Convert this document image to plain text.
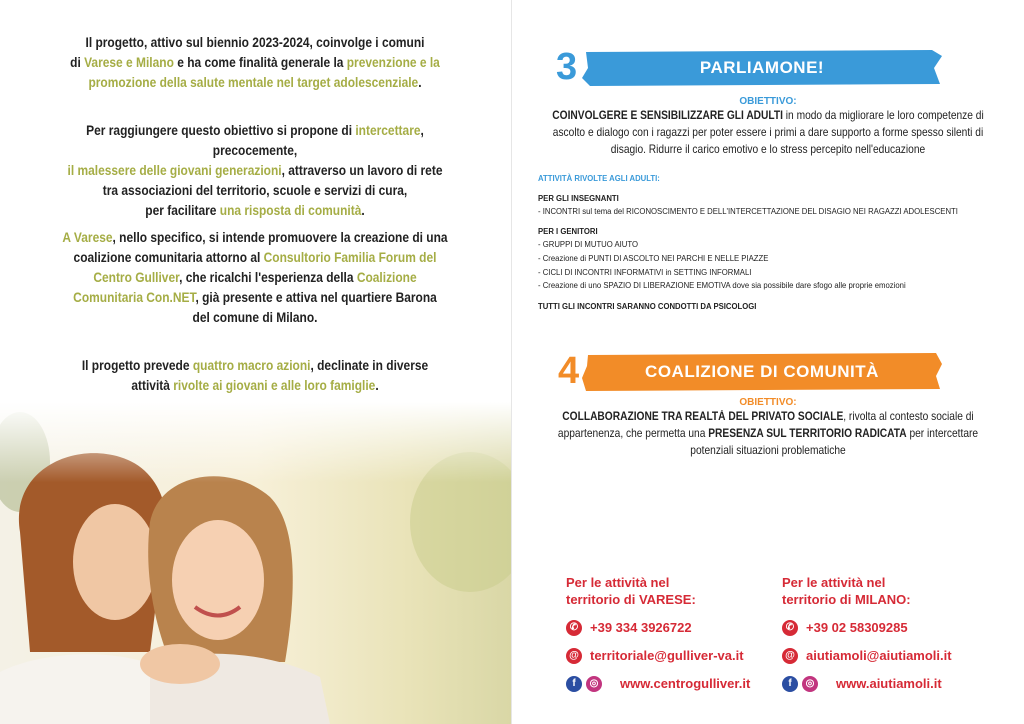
Il progetto, attivo sul biennio 2023-2024, coinvolge i comuni
di Varese e Milano e ha come finalità generale la prevenzione e la
promozione della salute mentale nel target adolescenziale.
Per raggiungere questo obiettivo si propone di intercettare, precocemente,
il malessere delle giovani generazioni, attraverso un lavoro di rete
tra associazioni del territorio, scuole e servizi di cura,
per facilitare una risposta di comunità.
A Varese, nello specifico, si intende promuovere la creazione di una
coalizione comunitaria attorno al Consultorio Familia Forum del
Centro Gulliver, che ricalchi l'esperienza della Coalizione
Comunitaria Con.NET, già presente e attiva nel quartiere Barona
del comune di Milano.
Il progetto prevede quattro macro azioni, declinate in diverse
attività rivolte ai giovani e alle loro famiglie.
3	PARLIAMONE!
OBIETTIVO:
COINVOLGERE E SENSIBILIZZARE GLI ADULTI in modo da migliorare le loro competenze di ascolto e dialogo con i ragazzi per poter essere i primi a dare supporto a forme spesso silenti di disagio. Ridurre il carico emotivo e lo stress percepito nell'educazione
ATTIVITÀ RIVOLTE AGLI ADULTI:
PER GLI INSEGNANTI
- INCONTRI sul tema del RICONOSCIMENTO E DELL'INTERCETTAZIONE DEL DISAGIO NEI RAGAZZI ADOLESCENTI
PER I GENITORI
- GRUPPI DI MUTUO AIUTO
- Creazione di PUNTI DI ASCOLTO NEI PARCHI E NELLE PIAZZE
- CICLI DI INCONTRI INFORMATIVI in SETTING INFORMALI
- Creazione di uno SPAZIO DI LIBERAZIONE EMOTIVA dove sia possibile dare sfogo alle proprie emozioni
TUTTI GLI INCONTRI SARANNO CONDOTTI DA PSICOLOGI
4	COALIZIONE DI COMUNITÀ
OBIETTIVO:
COLLABORAZIONE TRA REALTÀ DEL PRIVATO SOCIALE, rivolta al contesto sociale di appartenenza, che permetta una PRESENZA SUL TERRITORIO RADICATA per intercettare potenziali situazioni problematiche
Per le attività nel
territorio di VARESE:
✆ +39 334 3926722
@ territoriale@gulliver-va.it
f	◎ www.centrogulliver.it
Per le attività nel
territorio di MILANO:
✆ +39 02 58309285
@ aiutiamoli@aiutiamoli.it
f	◎ www.aiutiamoli.it
